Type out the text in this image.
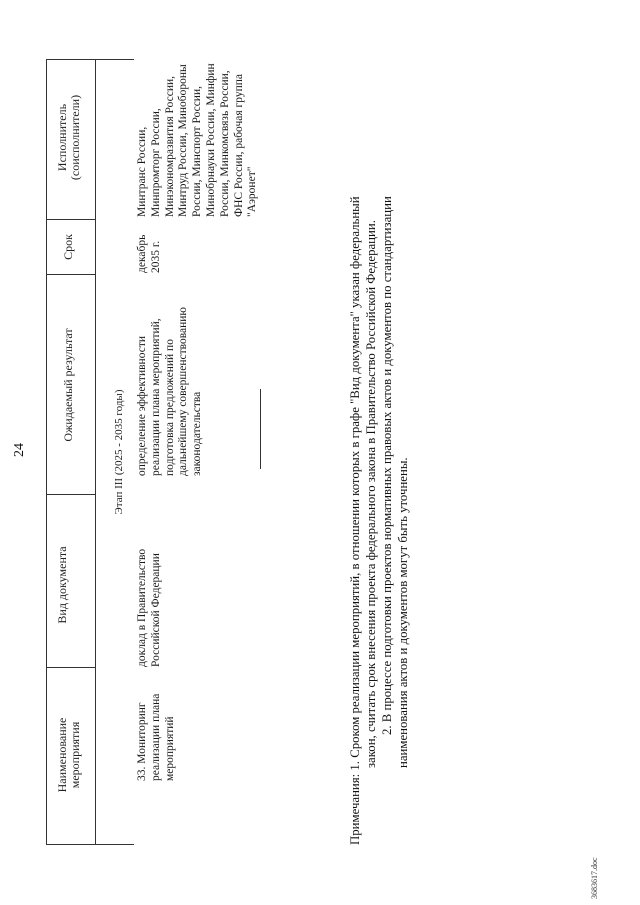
24
Наименование мероприятия
Вид документа
Ожидаемый результат
Срок
Исполнитель (соисполнители)
Этап III (2025 - 2035 годы)
33. Мониторинг реализации плана мероприятий
доклад в Правительство Российской Федерации
определение эффективности реализации плана мероприятий, подготовка предложений по дальнейшему совершенствованию законодательства
декабрь 2035 г.
Минтранс России, Минпромторг России, Минэкономразвития России, Минтруд России, Минобороны России, Минспорт России, Минобрнауки России, Минфин России, Минкомсвязь России, ФНС России, рабочая группа "Аэронет"

Примечания: 1. Сроком реализации мероприятий, в отношении которых в графе "Вид документа" указан федеральный закон, считать срок внесения проекта федерального закона в Правительство Российской Федерации. 2. В процессе подготовки проектов нормативных правовых актов и документов по стандартизации наименования актов и документов могут быть уточнены.

3683617.doc
